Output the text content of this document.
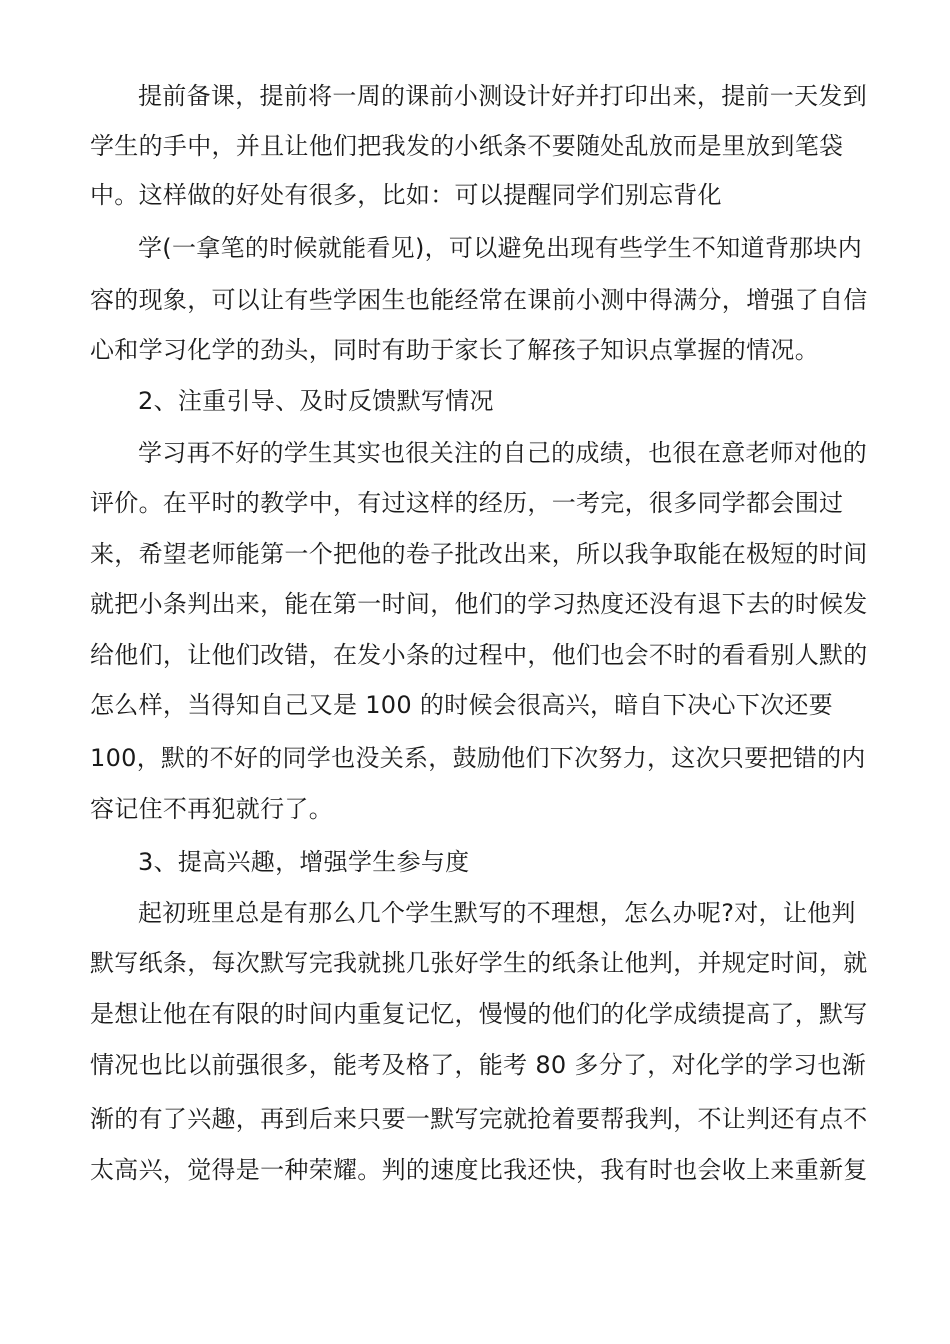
提前备课，提前将一周的课前小测设计好并打印出来，提前一天发到
学生的手中，并且让他们把我发的小纸条不要随处乱放而是里放到笔袋
中。这样做的好处有很多，比如：可以提醒同学们别忘背化
学(一拿笔的时候就能看见)，可以避免出现有些学生不知道背那块内
容的现象，可以让有些学困生也能经常在课前小测中得满分，增强了自信
心和学习化学的劲头，同时有助于家长了解孩子知识点掌握的情况。
2、注重引导、及时反馈默写情况
学习再不好的学生其实也很关注的自己的成绩，也很在意老师对他的
评价。在平时的教学中，有过这样的经历，一考完，很多同学都会围过
来，希望老师能第一个把他的卷子批改出来，所以我争取能在极短的时间
就把小条判出来，能在第一时间，他们的学习热度还没有退下去的时候发
给他们，让他们改错，在发小条的过程中，他们也会不时的看看别人默的
怎么样，当得知自己又是 100 的时候会很高兴，暗自下决心下次还要
100，默的不好的同学也没关系，鼓励他们下次努力，这次只要把错的内
容记住不再犯就行了。
3、提高兴趣，增强学生参与度
起初班里总是有那么几个学生默写的不理想，怎么办呢?对，让他判
默写纸条，每次默写完我就挑几张好学生的纸条让他判，并规定时间，就
是想让他在有限的时间内重复记忆，慢慢的他们的化学成绩提高了，默写
情况也比以前强很多，能考及格了，能考 80 多分了，对化学的学习也渐
渐的有了兴趣，再到后来只要一默写完就抢着要帮我判，不让判还有点不
太高兴，觉得是一种荣耀。判的速度比我还快，我有时也会收上来重新复
